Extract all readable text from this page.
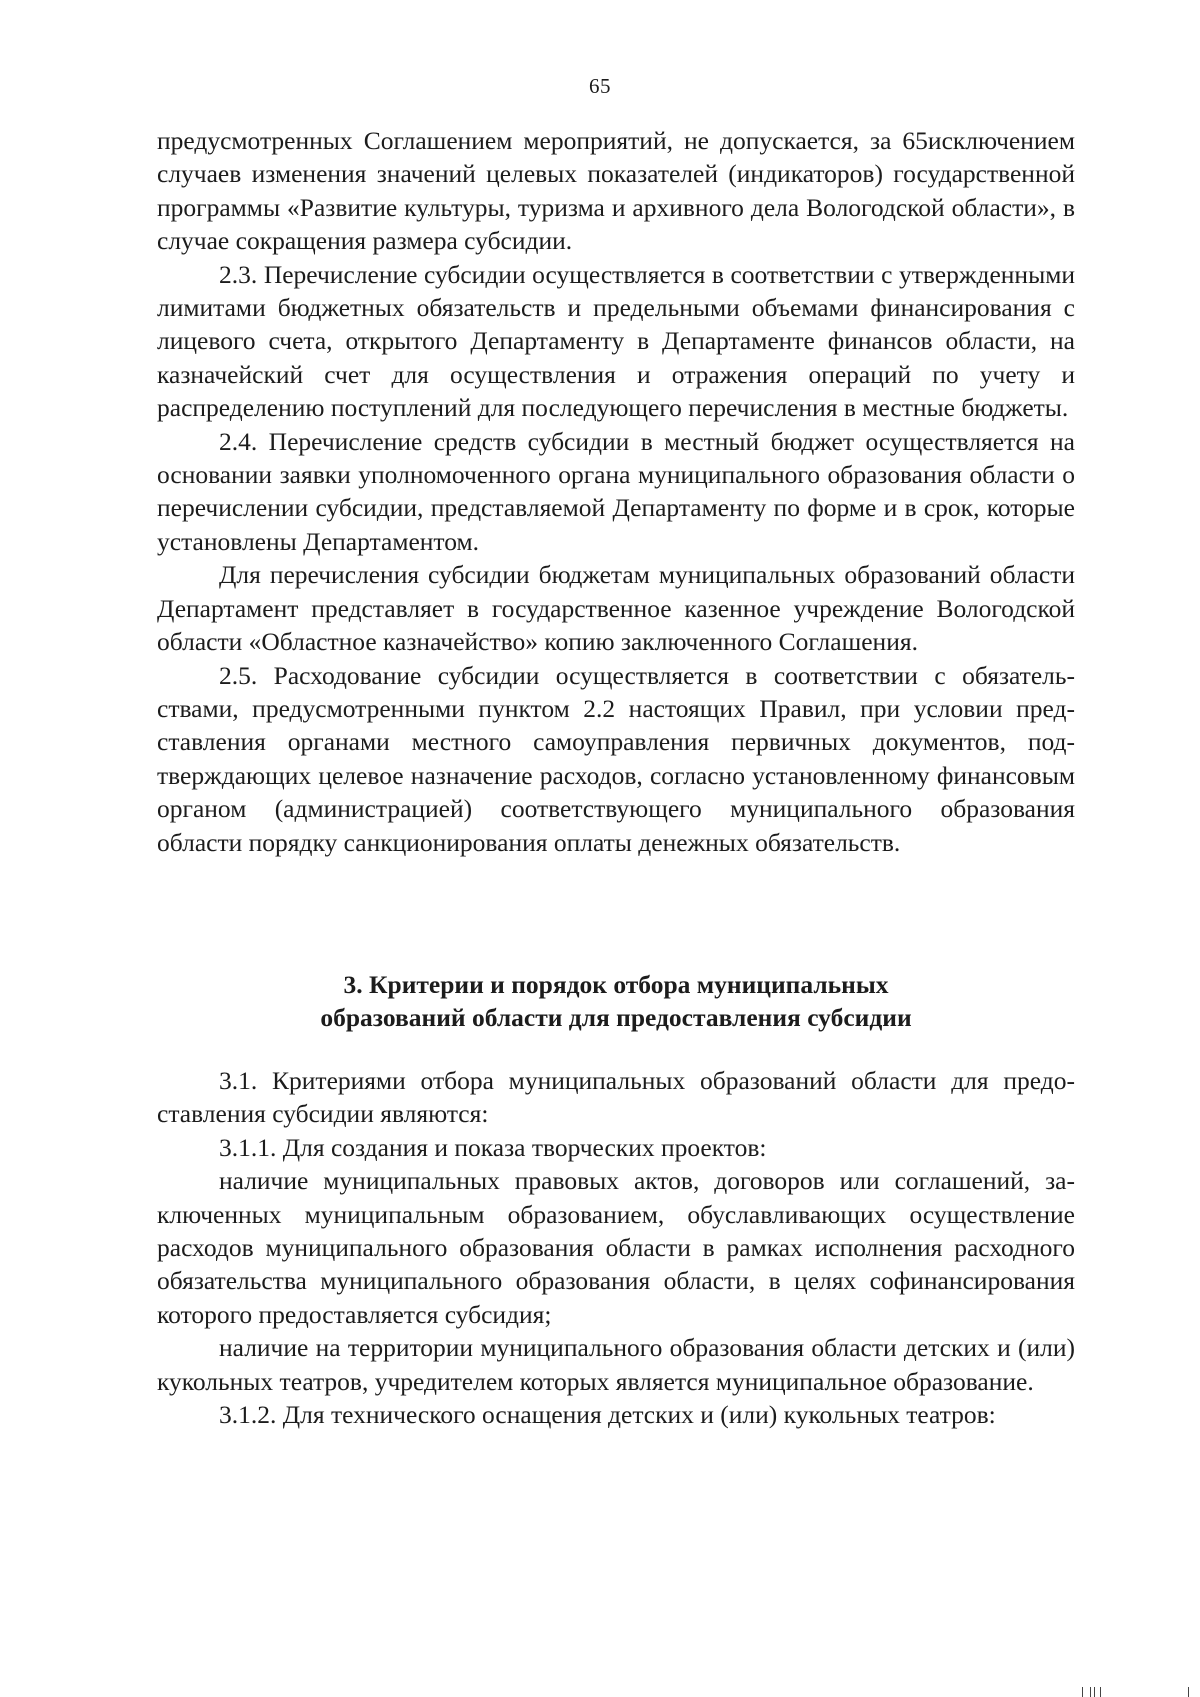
65

предусмотренных Соглашением мероприятий, не допускается, за 65исключением случаев изменения значений целевых показателей (индикаторов) государственной программы «Развитие культуры, туризма и архивного дела Вологодской области», в случае сокращения размера субсидии.

2.3. Перечисление субсидии осуществляется в соответствии с утвержденными лимитами бюджетных обязательств и предельными объемами финансирования с лицевого счета, открытого Департаменту в Департаменте финансов области, на казначейский счет для осуществления и отражения операций по учету и распределению поступлений для последующего перечисления в местные бюджеты.

2.4. Перечисление средств субсидии в местный бюджет осуществляется на основании заявки уполномоченного органа муниципального образования области о перечислении субсидии, представляемой Департаменту по форме и в срок, которые установлены Департаментом.

Для перечисления субсидии бюджетам муниципальных образований области Департамент представляет в государственное казенное учреждение Вологодской области «Областное казначейство» копию заключенного Соглашения.

2.5. Расходование субсидии осуществляется в соответствии с обязательствами, предусмотренными пунктом 2.2 настоящих Правил, при условии представления органами местного самоуправления первичных документов, подтверждающих целевое назначение расходов, согласно установленному финансовым органом (администрацией) соответствующего муниципального образования области порядку санкционирования оплаты денежных обязательств.

3. Критерии и порядок отбора муниципальных
образований области для предоставления субсидии

3.1. Критериями отбора муниципальных образований области для предоставления субсидии являются:

3.1.1. Для создания и показа творческих проектов:

наличие муниципальных правовых актов, договоров или соглашений, заключенных муниципальным образованием, обуславливающих осуществление расходов муниципального образования области в рамках исполнения расходного обязательства муниципального образования области, в целях софинансирования которого предоставляется субсидия;

наличие на территории муниципального образования области детских и (или) кукольных театров, учредителем которых является муниципальное образование.

3.1.2. Для технического оснащения детских и (или) кукольных театров:
